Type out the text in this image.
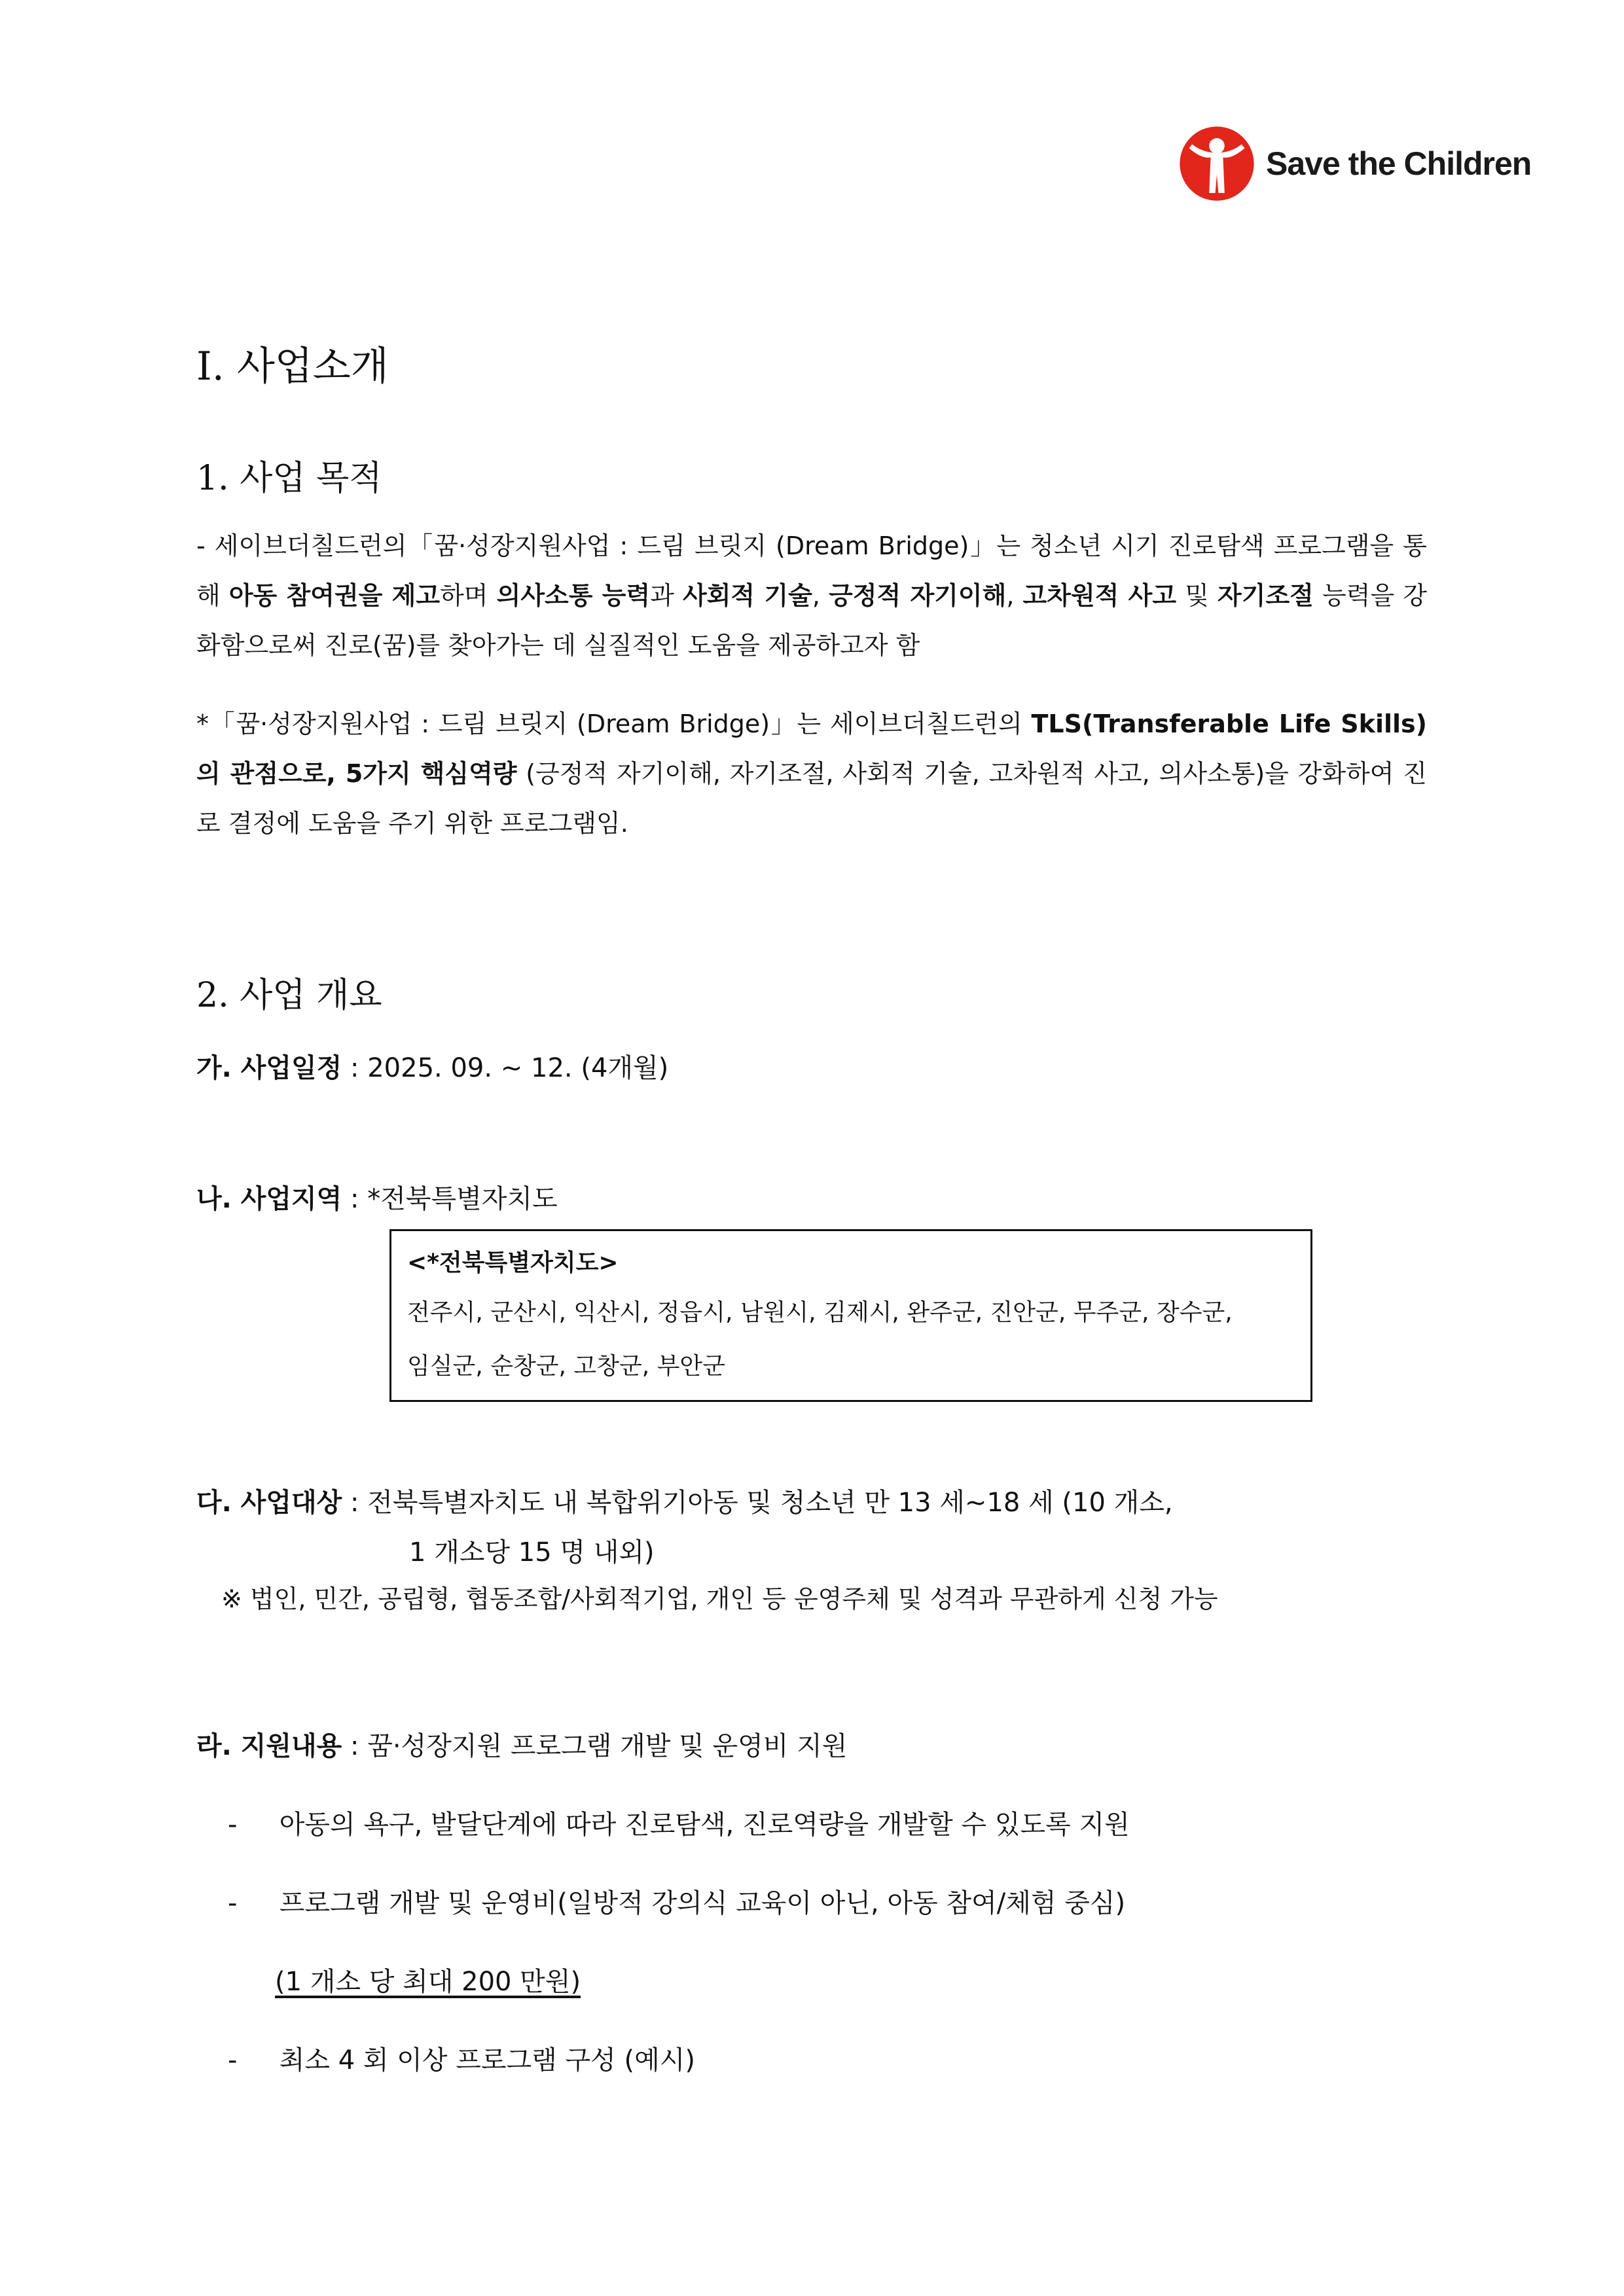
Save the Children
Ⅰ. 사업소개
1. 사업 목적
- 세이브더칠드런의「꿈·성장지원사업 : 드림 브릿지 (Dream Bridge)」는 청소년 시기 진로탐색 프로그램을 통해 아동 참여권을 제고하며 의사소통 능력과 사회적 기술, 긍정적 자기이해, 고차원적 사고 및 자기조절 능력을 강화함으로써 진로(꿈)를 찾아가는 데 실질적인 도움을 제공하고자 함
*「꿈·성장지원사업 : 드림 브릿지 (Dream Bridge)」는 세이브더칠드런의 TLS(Transferable Life Skills)의 관점으로, 5가지 핵심역량 (긍정적 자기이해, 자기조절, 사회적 기술, 고차원적 사고, 의사소통)을 강화하여 진로 결정에 도움을 주기 위한 프로그램임.
2. 사업 개요
가. 사업일정 : 2025. 09. ~ 12. (4개월)
나. 사업지역 : *전북특별자치도
<*전북특별자치도>
전주시, 군산시, 익산시, 정읍시, 남원시, 김제시, 완주군, 진안군, 무주군, 장수군,
임실군, 순창군, 고창군, 부안군
다. 사업대상 : 전북특별자치도 내 복합위기아동 및 청소년 만 13 세~18 세 (10 개소,
1 개소당 15 명 내외)
※ 법인, 민간, 공립형, 협동조합/사회적기업, 개인 등 운영주체 및 성격과 무관하게 신청 가능
라. 지원내용 : 꿈·성장지원 프로그램 개발 및 운영비 지원
- 아동의 욕구, 발달단계에 따라 진로탐색, 진로역량을 개발할 수 있도록 지원
- 프로그램 개발 및 운영비(일방적 강의식 교육이 아닌, 아동 참여/체험 중심)
(1 개소 당 최대 200 만원)
- 최소 4 회 이상 프로그램 구성 (예시)
